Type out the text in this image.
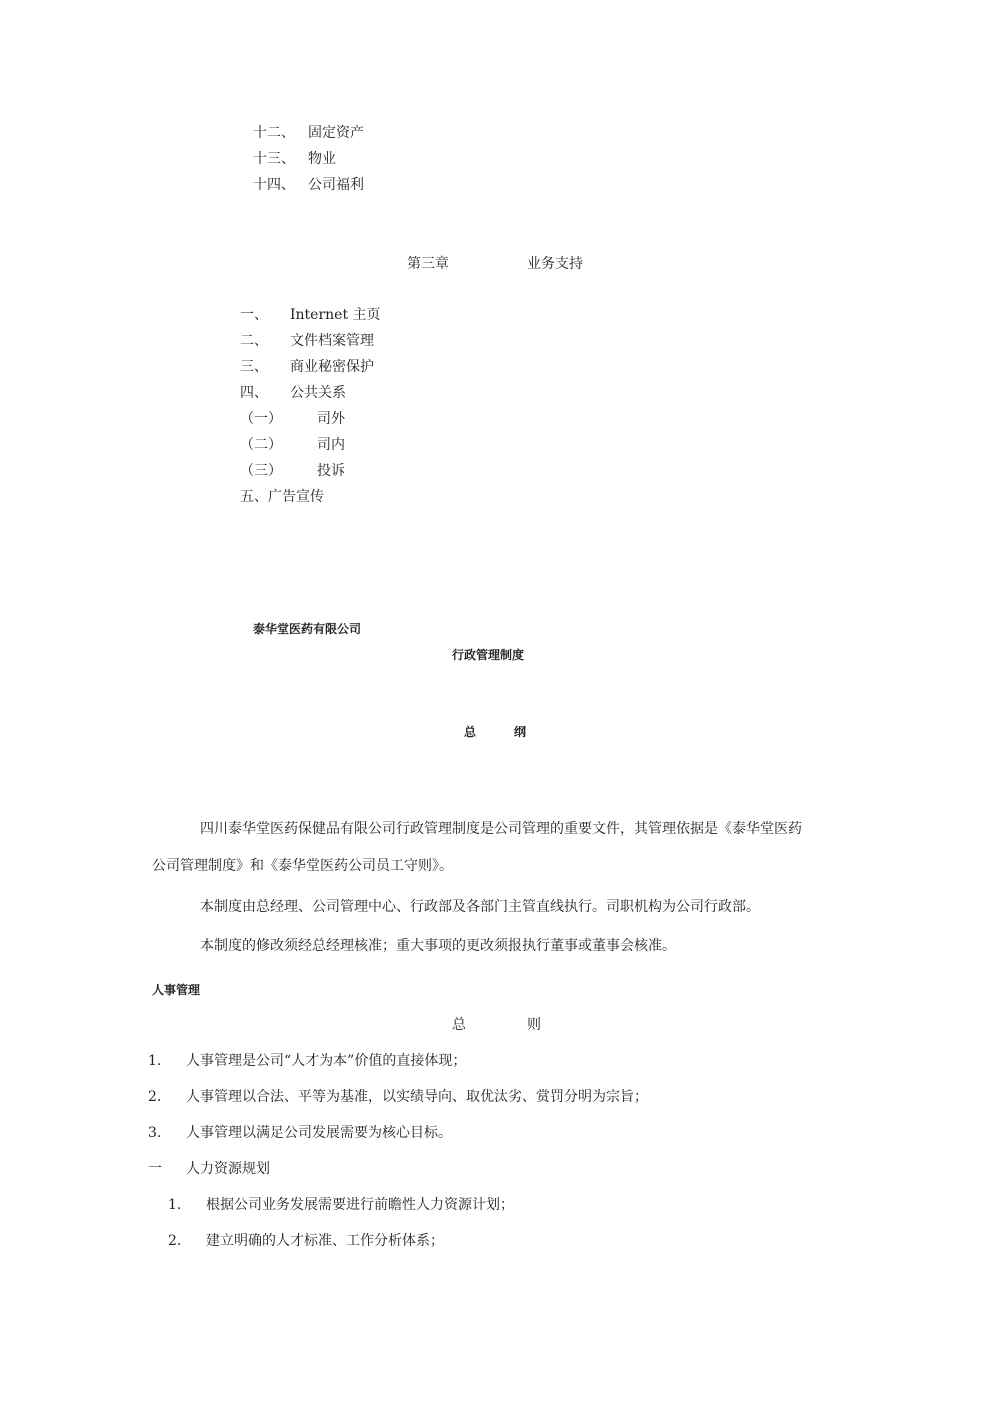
十二、 固定资产
十三、 物业
十四、 公司福利
第三章	业务支持
一、 Internet 主页
二、 文件档案管理
三、 商业秘密保护
四、 公共关系
（一）	司外
（二）	司内
（三）	投诉
五、广告宣传
泰华堂医药有限公司
行政管理制度
总	纲
四川泰华堂医药保健品有限公司行政管理制度是公司管理的重要文件，其管理依据是《泰华堂医药
公司管理制度》和《泰华堂医药公司员工守则》。
本制度由总经理、公司管理中心、行政部及各部门主管直线执行。司职机构为公司行政部。
本制度的修改须经总经理核准；重大事项的更改须报执行董事或董事会核准。
人事管理
总	则
1. 人事管理是公司“人才为本”价值的直接体现；
2. 人事管理以合法、平等为基准，以实绩导向、取优汰劣、赏罚分明为宗旨；
3. 人事管理以满足公司发展需要为核心目标。
一 人力资源规划
1. 根据公司业务发展需要进行前瞻性人力资源计划；
2. 建立明确的人才标准、工作分析体系；
